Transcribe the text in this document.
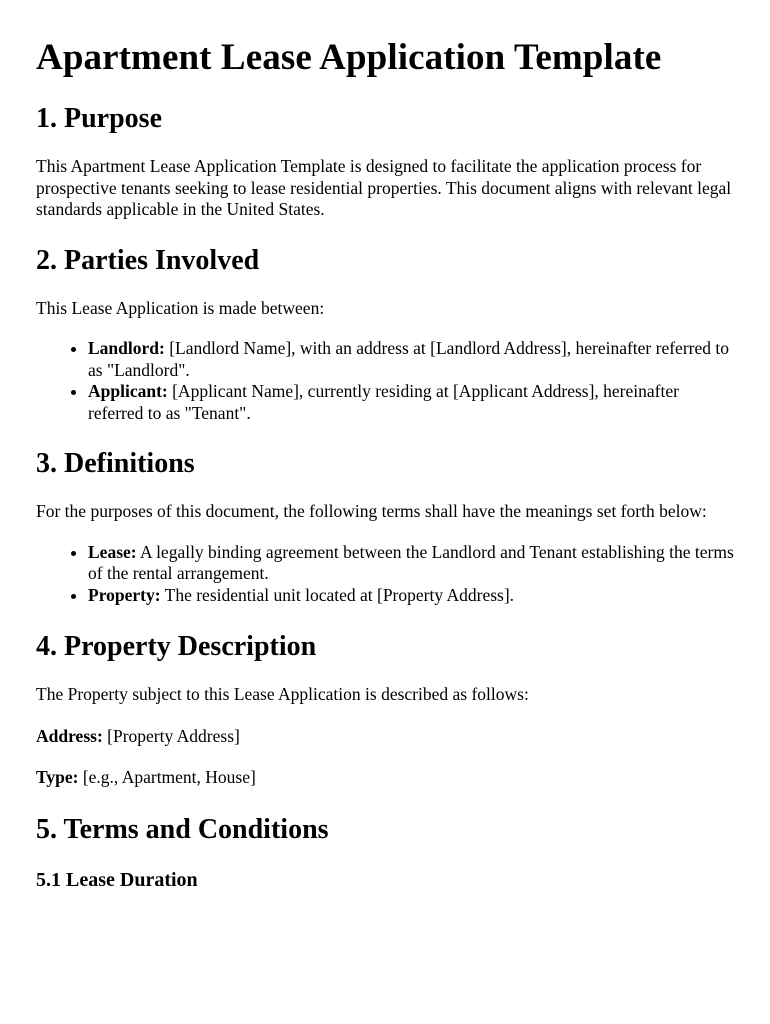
Apartment Lease Application Template
1. Purpose

This Apartment Lease Application Template is designed to facilitate the application process for prospective tenants seeking to lease residential properties. This document aligns with relevant legal standards applicable in the United States.

2. Parties Involved

This Lease Application is made between:

• Landlord: [Landlord Name], with an address at [Landlord Address], hereinafter referred to as "Landlord".
• Applicant: [Applicant Name], currently residing at [Applicant Address], hereinafter referred to as "Tenant".
3. Definitions

For the purposes of this document, the following terms shall have the meanings set forth below:

• Lease: A legally binding agreement between the Landlord and Tenant establishing the terms of the rental arrangement.
• Property: The residential unit located at [Property Address].
4. Property Description

The Property subject to this Lease Application is described as follows:

Address: [Property Address]

Type: [e.g., Apartment, House]

5. Terms and Conditions
5.1 Lease Duration
